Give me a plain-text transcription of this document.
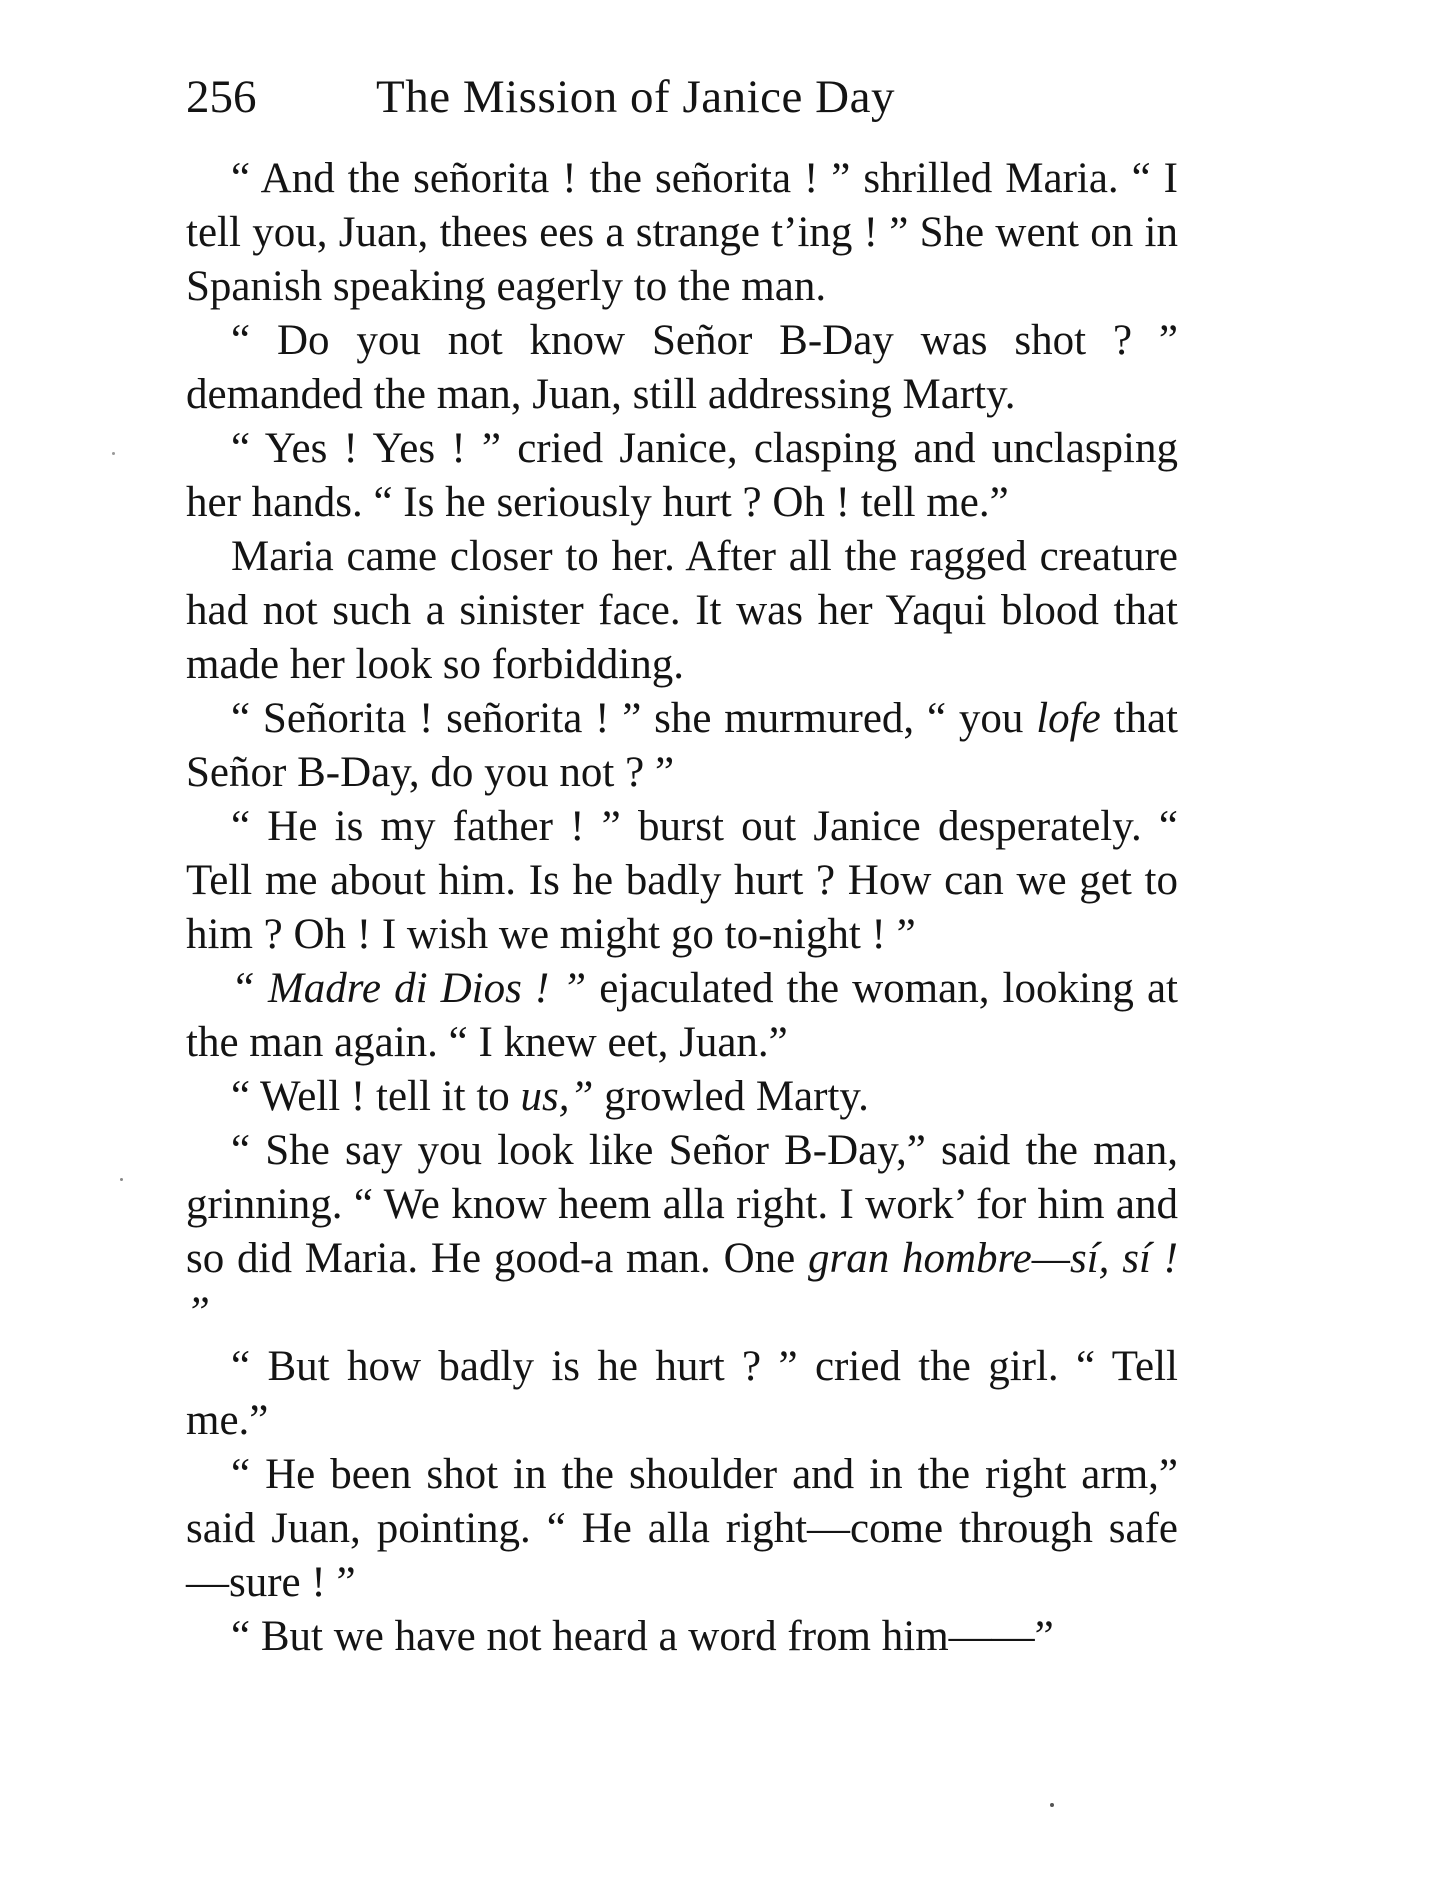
256	The Mission of Janice Day

“ And the señorita ! the señorita ! ” shrilled Maria. “ I tell you, Juan, thees ees a strange t’ing ! ” She went on in Spanish speaking eagerly to the man.

“ Do you not know Señor B-Day was shot ? ” demanded the man, Juan, still addressing Marty.

“ Yes ! Yes ! ” cried Janice, clasping and unclasping her hands. “ Is he seriously hurt ? Oh ! tell me.”

Maria came closer to her. After all the ragged creature had not such a sinister face. It was her Yaqui blood that made her look so forbidding.

“ Señorita ! señorita ! ” she murmured, “ you lofe that Señor B-Day, do you not ? ”

“ He is my father ! ” burst out Janice desperately. “ Tell me about him. Is he badly hurt ? How can we get to him ? Oh ! I wish we might go to-night ! ”

“ Madre di Dios ! ” ejaculated the woman, looking at the man again. “ I knew eet, Juan.”

“ Well ! tell it to us,” growled Marty.

“ She say you look like Señor B-Day,” said the man, grinning. “ We know heem alla right. I work’ for him and so did Maria. He good-a man. One gran hombre—sí, sí ! ”

“ But how badly is he hurt ? ” cried the girl. “ Tell me.”

“ He been shot in the shoulder and in the right arm,” said Juan, pointing. “ He alla right—come through safe—sure ! ”

“ But we have not heard a word from him——”
